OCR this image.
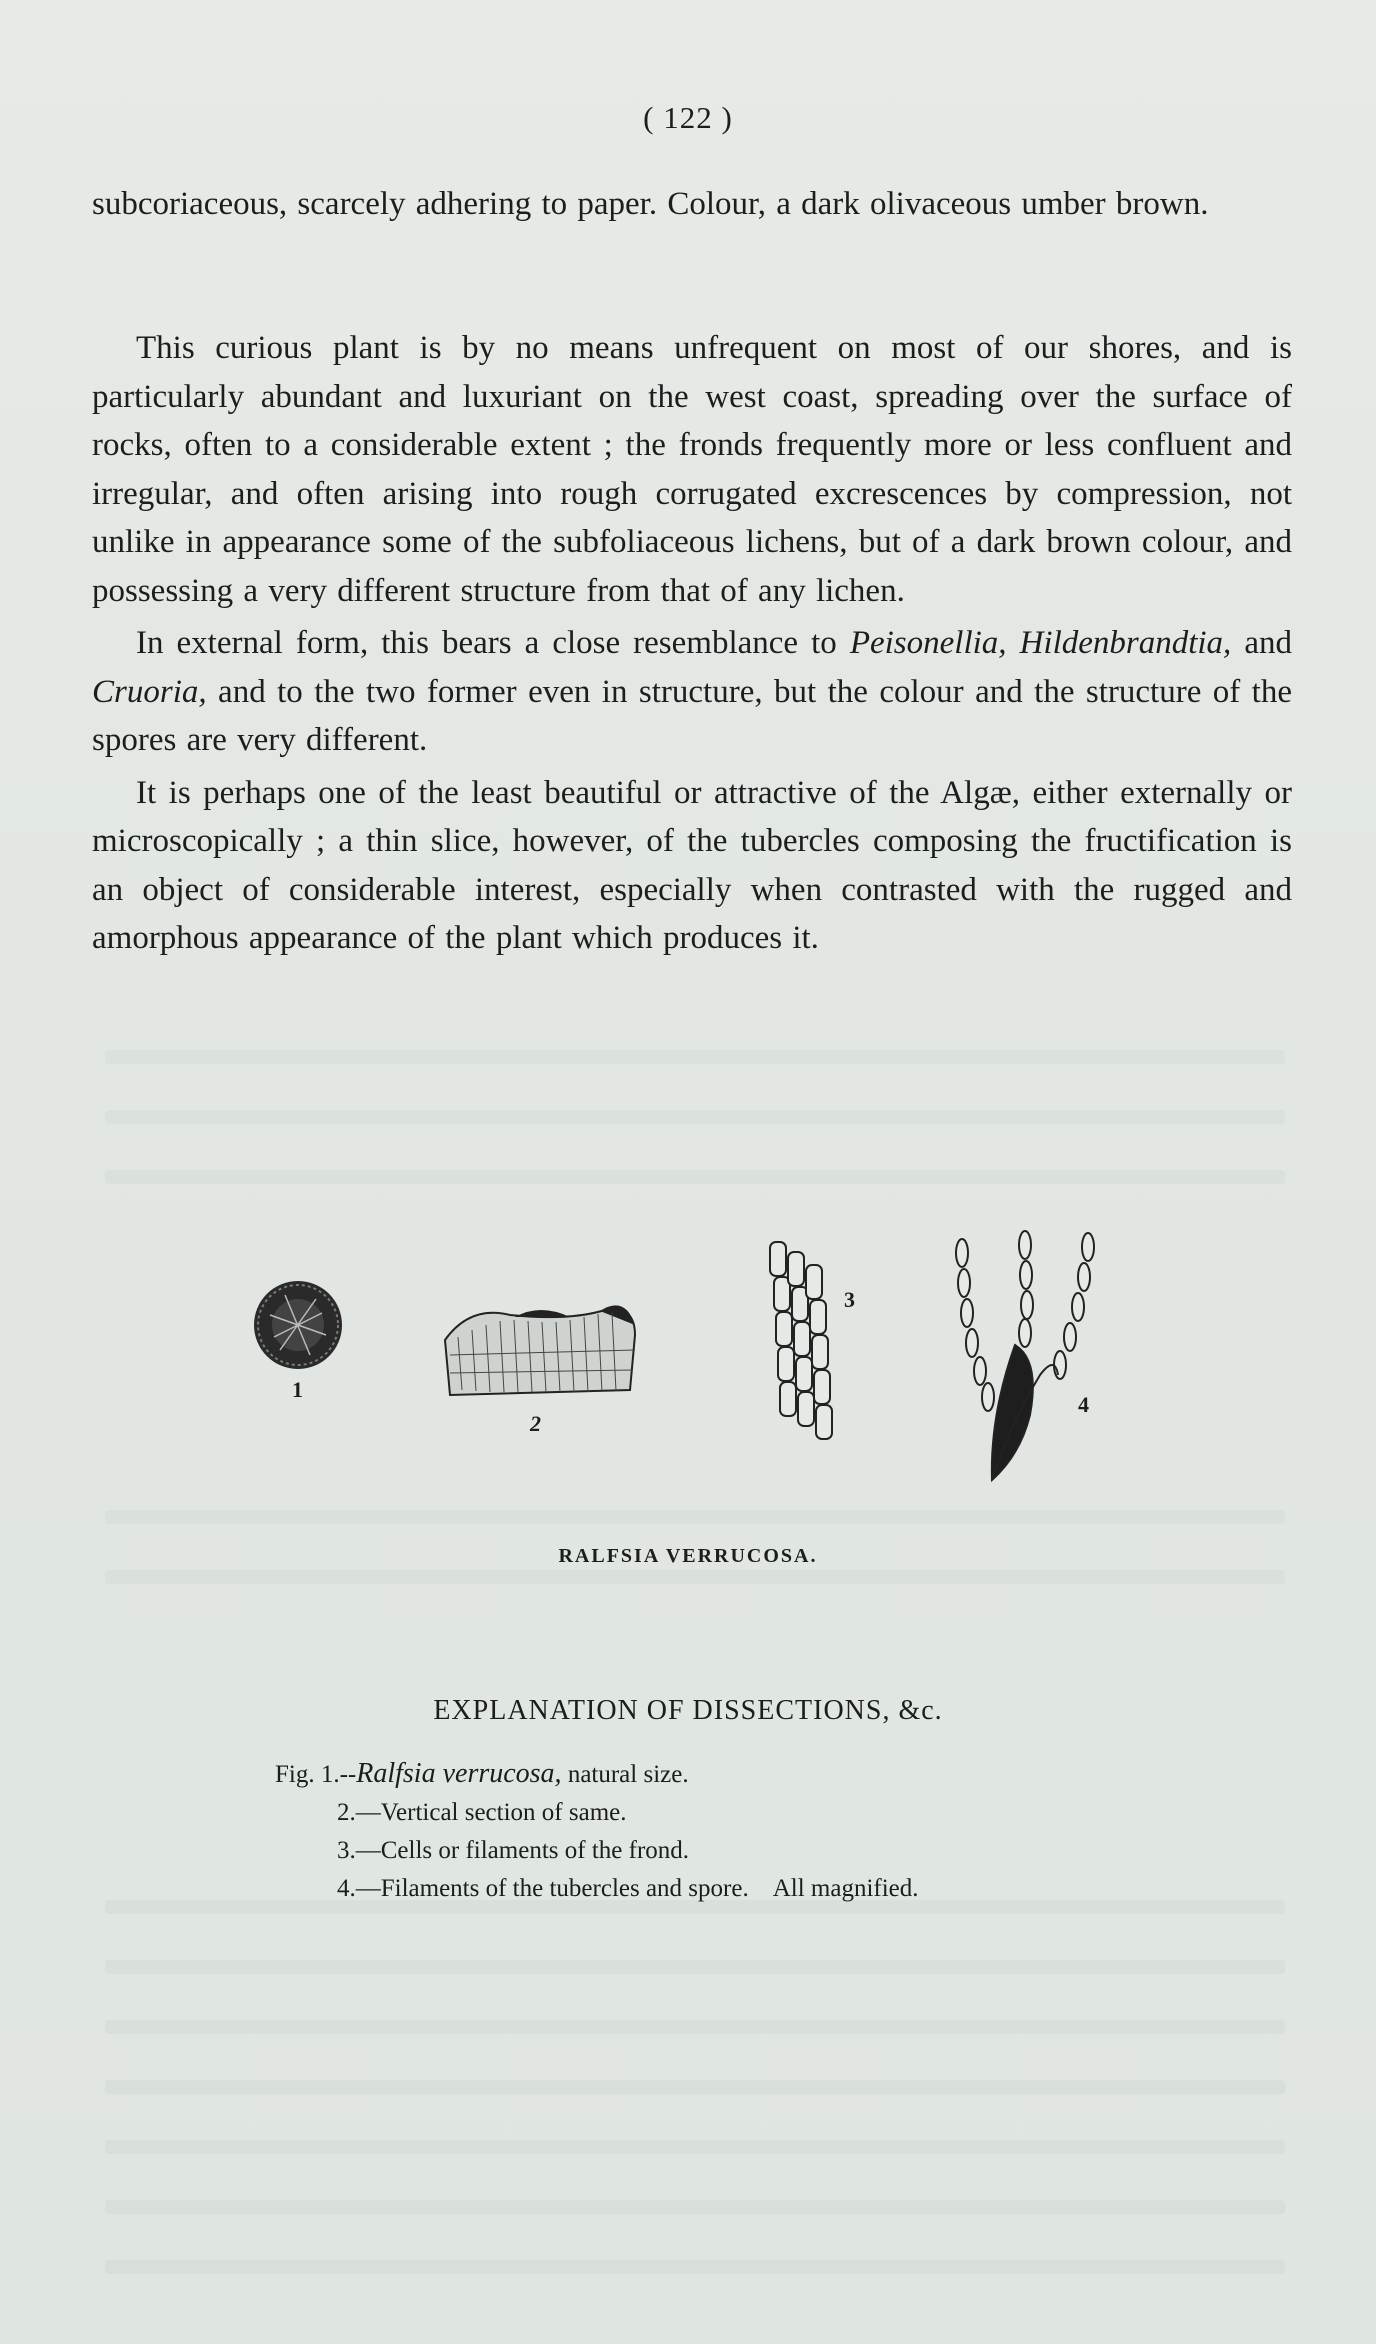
( 122 )

subcoriaceous, scarcely adhering to paper. Colour, a dark olivaceous umber brown.

This curious plant is by no means unfrequent on most of our shores, and is particularly abundant and luxuriant on the west coast, spreading over the surface of rocks, often to a considerable extent ; the fronds frequently more or less confluent and irregular, and often arising into rough corrugated excrescences by compression, not unlike in appearance some of the subfoliaceous lichens, but of a dark brown colour, and possessing a very different structure from that of any lichen.

In external form, this bears a close resemblance to Peisonellia, Hildenbrandtia, and Cruoria, and to the two former even in structure, but the colour and the structure of the spores are very different.

It is perhaps one of the least beautiful or attractive of the Algæ, either externally or microscopically ; a thin slice, however, of the tubercles composing the fructification is an object of considerable interest, especially when contrasted with the rugged and amorphous appearance of the plant which produces it.

1
2
3
4
RALFSIA VERRUCOSA.
EXPLANATION OF DISSECTIONS, &c.
Fig. 1.--Ralfsia verrucosa, natural size.
2.—Vertical section of same.
3.—Cells or filaments of the frond.
4.—Filaments of the tubercles and spore. All magnified.
